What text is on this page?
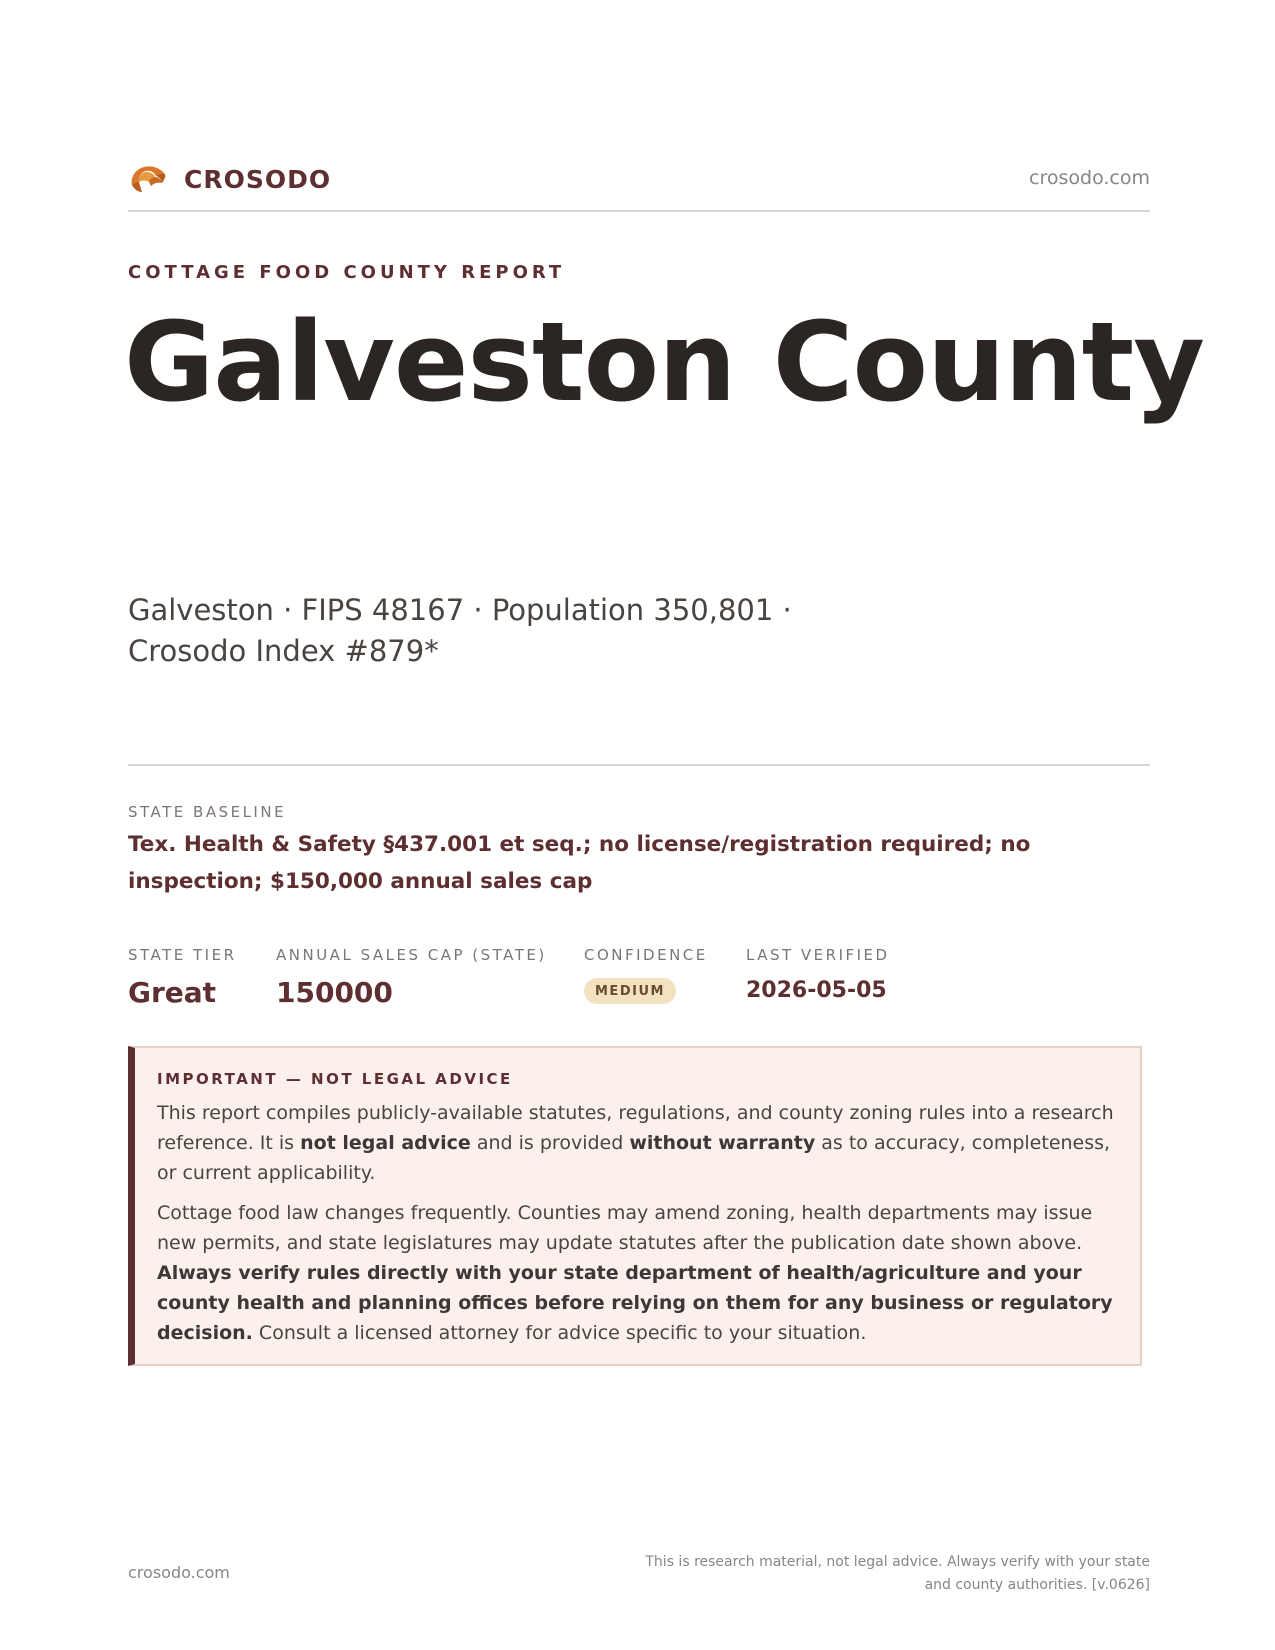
CROSODO	crosodo.com
COTTAGE FOOD COUNTY REPORT
Galveston County
Galveston · FIPS 48167 · Population 350,801 · Crosodo Index #879*
STATE BASELINE
Tex. Health & Safety §437.001 et seq.; no license/registration required; no inspection; $150,000 annual sales cap
STATE TIER
Great
ANNUAL SALES CAP (STATE)
150000
CONFIDENCE
MEDIUM
LAST VERIFIED
2026-05-05
IMPORTANT — NOT LEGAL ADVICE

This report compiles publicly-available statutes, regulations, and county zoning rules into a research reference. It is not legal advice and is provided without warranty as to accuracy, completeness, or current applicability.

Cottage food law changes frequently. Counties may amend zoning, health departments may issue new permits, and state legislatures may update statutes after the publication date shown above. Always verify rules directly with your state department of health/agriculture and your county health and planning offices before relying on them for any business or regulatory decision. Consult a licensed attorney for advice specific to your situation.

crosodo.com
This is research material, not legal advice. Always verify with your state and county authorities. [v.0626]
